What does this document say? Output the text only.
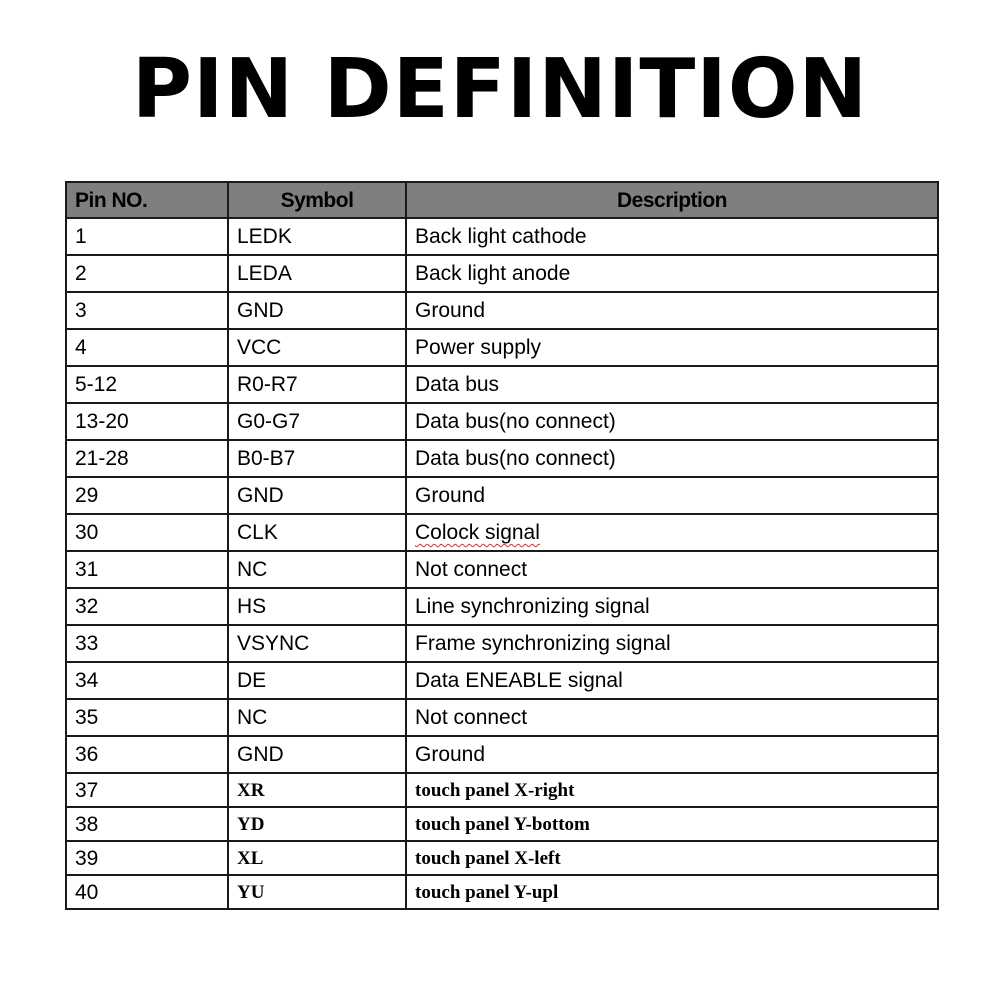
PIN DEFINITION
Pin NO.	Symbol	Description
1	LEDK	Back light cathode
2	LEDA	Back light anode
3	GND	Ground
4	VCC	Power supply
5-12	R0-R7	Data bus
13-20	G0-G7	Data bus(no connect)
21-28	B0-B7	Data bus(no connect)
29	GND	Ground
30	CLK	Colock signal
31	NC	Not connect
32	HS	Line synchronizing signal
33	VSYNC	Frame synchronizing signal
34	DE	Data ENEABLE signal
35	NC	Not connect
36	GND	Ground
37	XR	touch panel X-right
38	YD	touch panel Y-bottom
39	XL	touch panel X-left
40	YU	touch panel Y-upl
